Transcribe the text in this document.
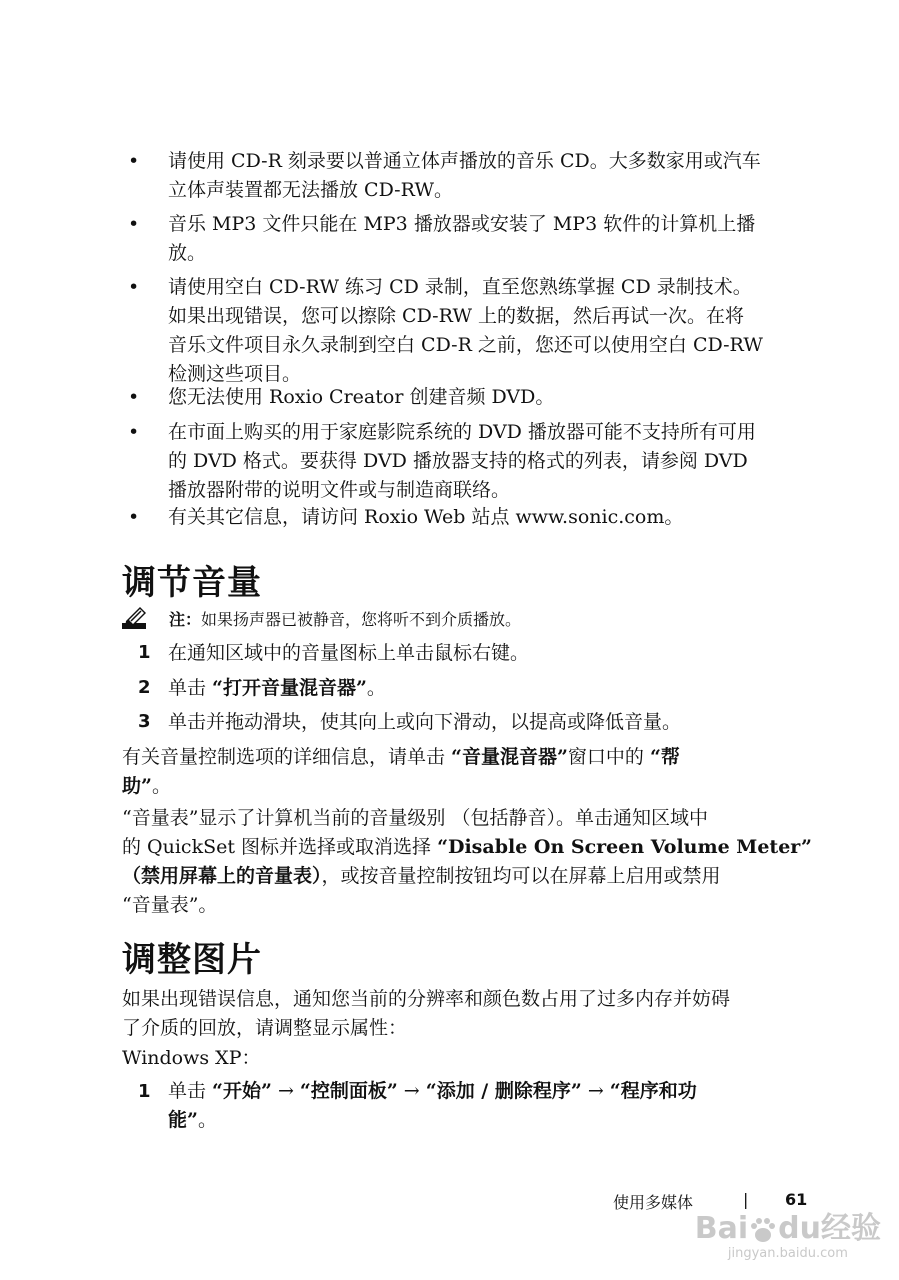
•	请使用 CD-R 刻录要以普通立体声播放的音乐 CD。大多数家用或汽车
立体声装置都无法播放 CD-RW。
•	音乐 MP3 文件只能在 MP3 播放器或安装了 MP3 软件的计算机上播
放。
•	请使用空白 CD-RW 练习 CD 录制，直至您熟练掌握 CD 录制技术。
如果出现错误，您可以擦除 CD-RW 上的数据，然后再试一次。在将
音乐文件项目永久录制到空白 CD-R 之前，您还可以使用空白 CD-RW
检测这些项目。
•	您无法使用 Roxio Creator 创建音频 DVD。
•	在市面上购买的用于家庭影院系统的 DVD 播放器可能不支持所有可用
的 DVD 格式。要获得 DVD 播放器支持的格式的列表，请参阅 DVD
播放器附带的说明文件或与制造商联络。
•	有关其它信息，请访问 Roxio Web 站点 www.sonic.com。
调节音量
注：如果扬声器已被静音，您将听不到介质播放。
1 在通知区域中的音量图标上单击鼠标右键。
2 单击 “打开音量混音器”。
3 单击并拖动滑块，使其向上或向下滑动，以提高或降低音量。
有关音量控制选项的详细信息，请单击 “音量混音器”窗口中的 “帮
助”。
“音量表”显示了计算机当前的音量级别 （包括静音）。单击通知区域中
的 QuickSet 图标并选择或取消选择 “Disable On Screen Volume Meter”
（禁用屏幕上的音量表），或按音量控制按钮均可以在屏幕上启用或禁用
“音量表”。
调整图片
如果出现错误信息，通知您当前的分辨率和颜色数占用了过多内存并妨碍
了介质的回放，请调整显示属性：
Windows XP：
1 单击 “开始” → “控制面板” → “添加 / 删除程序” → “程序和功
能”。
使用多媒体	| 61
Bai du经验
jingyan.baidu.com
